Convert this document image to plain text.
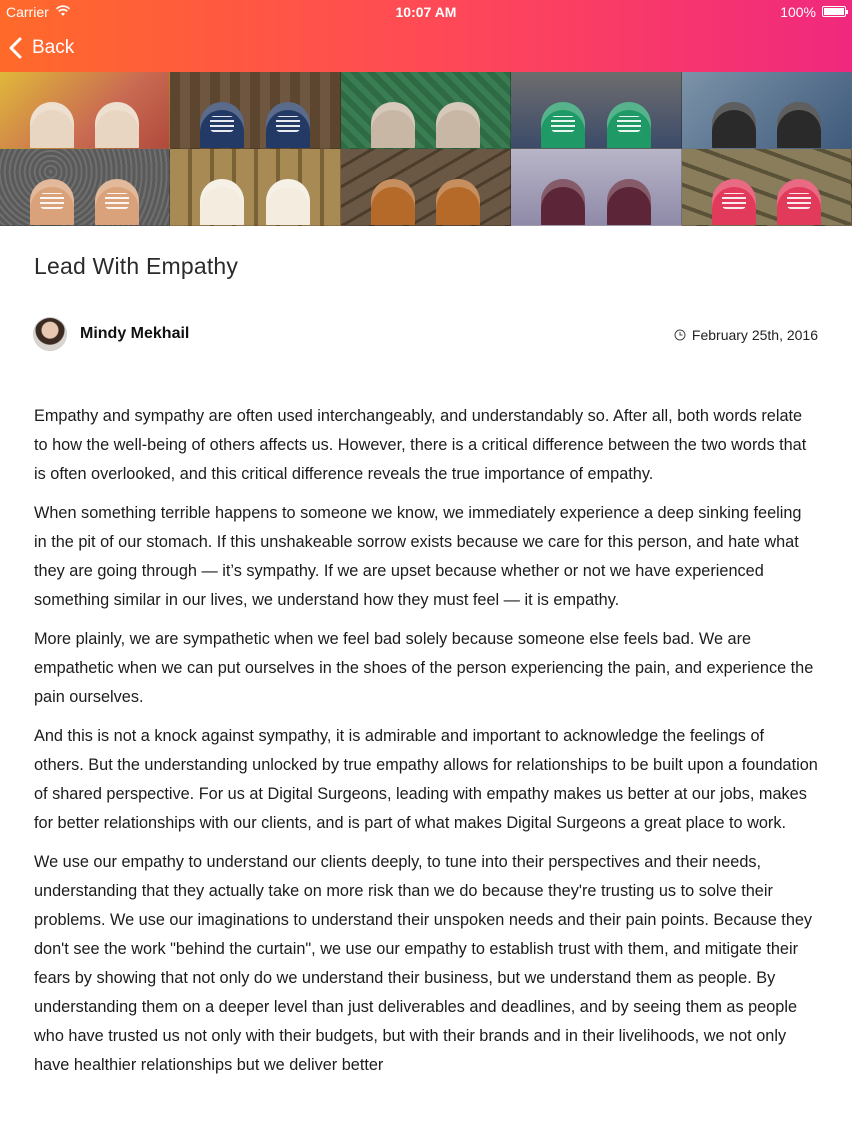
Carrier	10:07 AM	100%
Back
Lead With Empathy
Mindy Mekhail	February 25th, 2016

Empathy and sympathy are often used interchangeably, and understandably so. After all, both words relate to how the well-being of others affects us. However, there is a critical difference between the two words that is often overlooked, and this critical difference reveals the true importance of empathy.

When something terrible happens to someone we know, we immediately experience a deep sinking feeling in the pit of our stomach. If this unshakeable sorrow exists because we care for this person, and hate what they are going through — it’s sympathy. If we are upset because whether or not we have experienced something similar in our lives, we understand how they must feel — it is empathy.

More plainly, we are sympathetic when we feel bad solely because someone else feels bad. We are empathetic when we can put ourselves in the shoes of the person experiencing the pain, and experience the pain ourselves.

And this is not a knock against sympathy, it is admirable and important to acknowledge the feelings of others. But the understanding unlocked by true empathy allows for relationships to be built upon a foundation of shared perspective. For us at Digital Surgeons, leading with empathy makes us better at our jobs, makes for better relationships with our clients, and is part of what makes Digital Surgeons a great place to work.

We use our empathy to understand our clients deeply, to tune into their perspectives and their needs, understanding that they actually take on more risk than we do because they're trusting us to solve their problems. We use our imaginations to understand their unspoken needs and their pain points. Because they don't see the work "behind the curtain", we use our empathy to establish trust with them, and mitigate their fears by showing that not only do we understand their business, but we understand them as people. By understanding them on a deeper level than just deliverables and deadlines, and by seeing them as people who have trusted us not only with their budgets, but with their brands and in their livelihoods, we not only have healthier relationships but we deliver better
